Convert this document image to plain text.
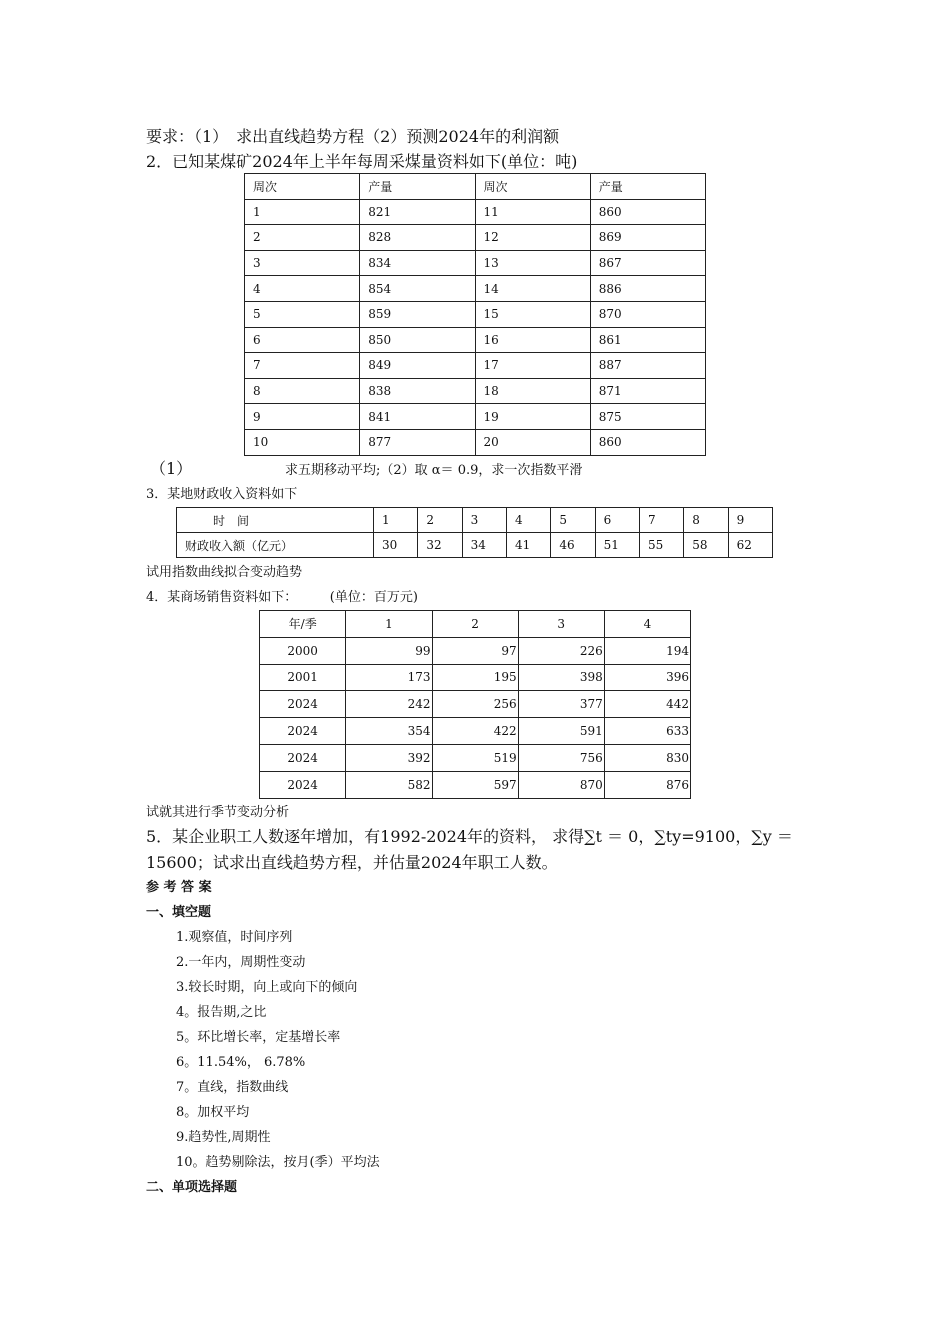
要求：（1）　求出直线趋势方程（2）预测2024年的利润额
2．已知某煤矿2024年上半年每周采煤量资料如下(单位：吨)
周次	产量	周次	产量
1	821	11	860
2	828	12	869
3	834	13	867
4	854	14	886
5	859	15	870
6	850	16	861
7	849	17	887
8	838	18	871
9	841	19	875
10	877	20	860
（1）	求五期移动平均;（2）取 α＝ 0.9，求一次指数平滑
3．某地财政收入资料如下
时　间	1	2	3	4	5	6	7	8	9
财政收入额（亿元）	30	32	34	41	46	51	55	58	62
试用指数曲线拟合变动趋势
4．某商场销售资料如下：　　　(单位：百万元)
年/季	1	2	3	4
2000	99	97	226	194
2001	173	195	398	396
2024	242	256	377	442
2024	354	422	591	633
2024	392	519	756	830
2024	582	597	870	876
试就其进行季节变动分析
5．某企业职工人数逐年增加，有1992-2024年的资料， 求得∑t ＝ 0，∑ty=9100，∑y ＝
15600；试求出直线趋势方程，并估量2024年职工人数。
参 考 答 案
一、填空题
1.观察值，时间序列
2.一年内，周期性变动
3.较长时期，向上或向下的倾向
4。报告期,之比
5。环比增长率，定基增长率
6。11.54%， 6.78%
7。直线，指数曲线
8。加权平均
9.趋势性,周期性
10。趋势剔除法，按月(季）平均法
二、单项选择题
